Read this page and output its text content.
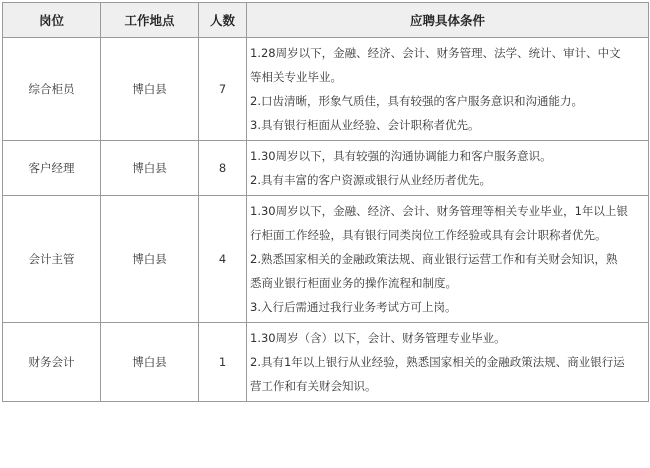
岗位	工作地点	人数	应聘具体条件
综合柜员	博白县	7	1.28周岁以下，金融、经济、会计、财务管理、法学、统计、审计、中文
等相关专业毕业。
2.口齿清晰，形象气质佳，具有较强的客户服务意识和沟通能力。
3.具有银行柜面从业经验、会计职称者优先。

客户经理	博白县	8	1.30周岁以下，具有较强的沟通协调能力和客户服务意识。
2.具有丰富的客户资源或银行从业经历者优先。

会计主管	博白县	4	1.30周岁以下，金融、经济、会计、财务管理等相关专业毕业，1年以上银
行柜面工作经验，具有银行同类岗位工作经验或具有会计职称者优先。
2.熟悉国家相关的金融政策法规、商业银行运营工作和有关财会知识，熟
悉商业银行柜面业务的操作流程和制度。
3.入行后需通过我行业务考试方可上岗。

财务会计	博白县	1	1.30周岁（含）以下，会计、财务管理专业毕业。
2.具有1年以上银行从业经验，熟悉国家相关的金融政策法规、商业银行运
营工作和有关财会知识。
